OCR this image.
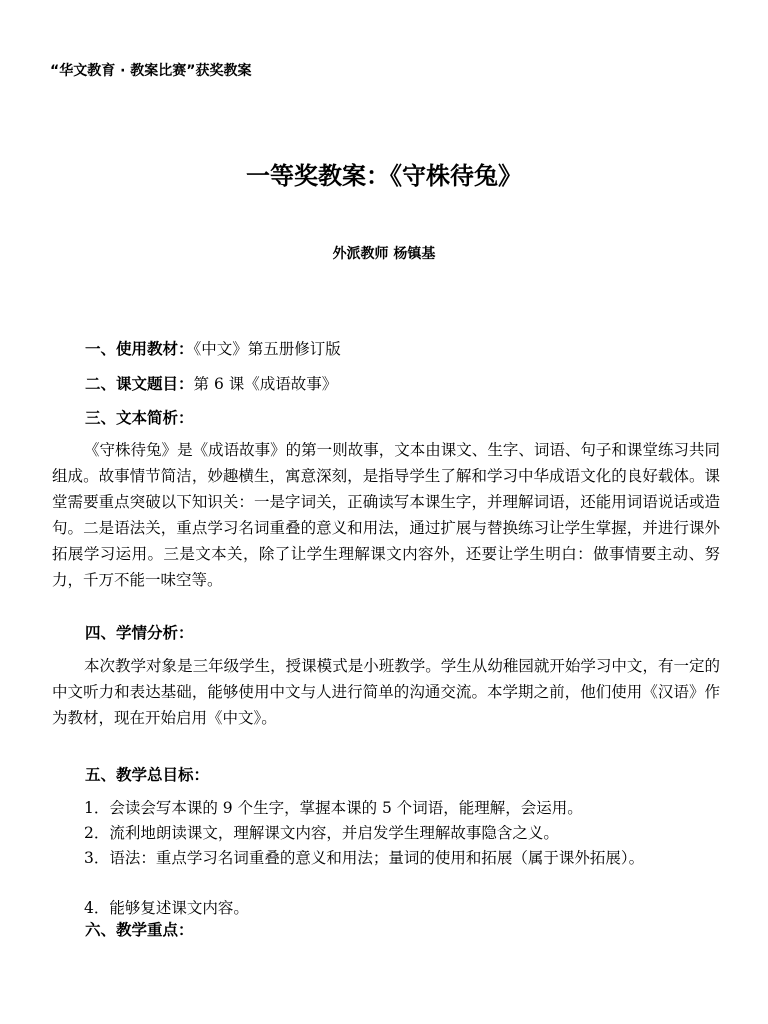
“华文教育 · 教案比赛”获奖教案
一等奖教案：《守株待兔》
外派教师 杨镇基
一、使用教材：《中文》第五册修订版
二、课文题目：第 6 课《成语故事》
三、文本简析：

《守株待兔》是《成语故事》的第一则故事，文本由课文、生字、词语、句子和课堂练习共同组成。故事情节简洁，妙趣横生，寓意深刻，是指导学生了解和学习中华成语文化的良好载体。课堂需要重点突破以下知识关：一是字词关，正确读写本课生字，并理解词语，还能用词语说话或造句。二是语法关，重点学习名词重叠的意义和用法，通过扩展与替换练习让学生掌握，并进行课外拓展学习运用。三是文本关，除了让学生理解课文内容外，还要让学生明白：做事情要主动、努力，千万不能一味空等。

四、学情分析：

本次教学对象是三年级学生，授课模式是小班教学。学生从幼稚园就开始学习中文，有一定的中文听力和表达基础，能够使用中文与人进行简单的沟通交流。本学期之前，他们使用《汉语》作为教材，现在开始启用《中文》。

五、教学总目标：

1．会读会写本课的 9 个生字，掌握本课的 5 个词语，能理解，会运用。

2．流利地朗读课文，理解课文内容，并启发学生理解故事隐含之义。

3．语法：重点学习名词重叠的意义和用法；量词的使用和拓展（属于课外拓展）。

4．能够复述课文内容。

六、教学重点：
